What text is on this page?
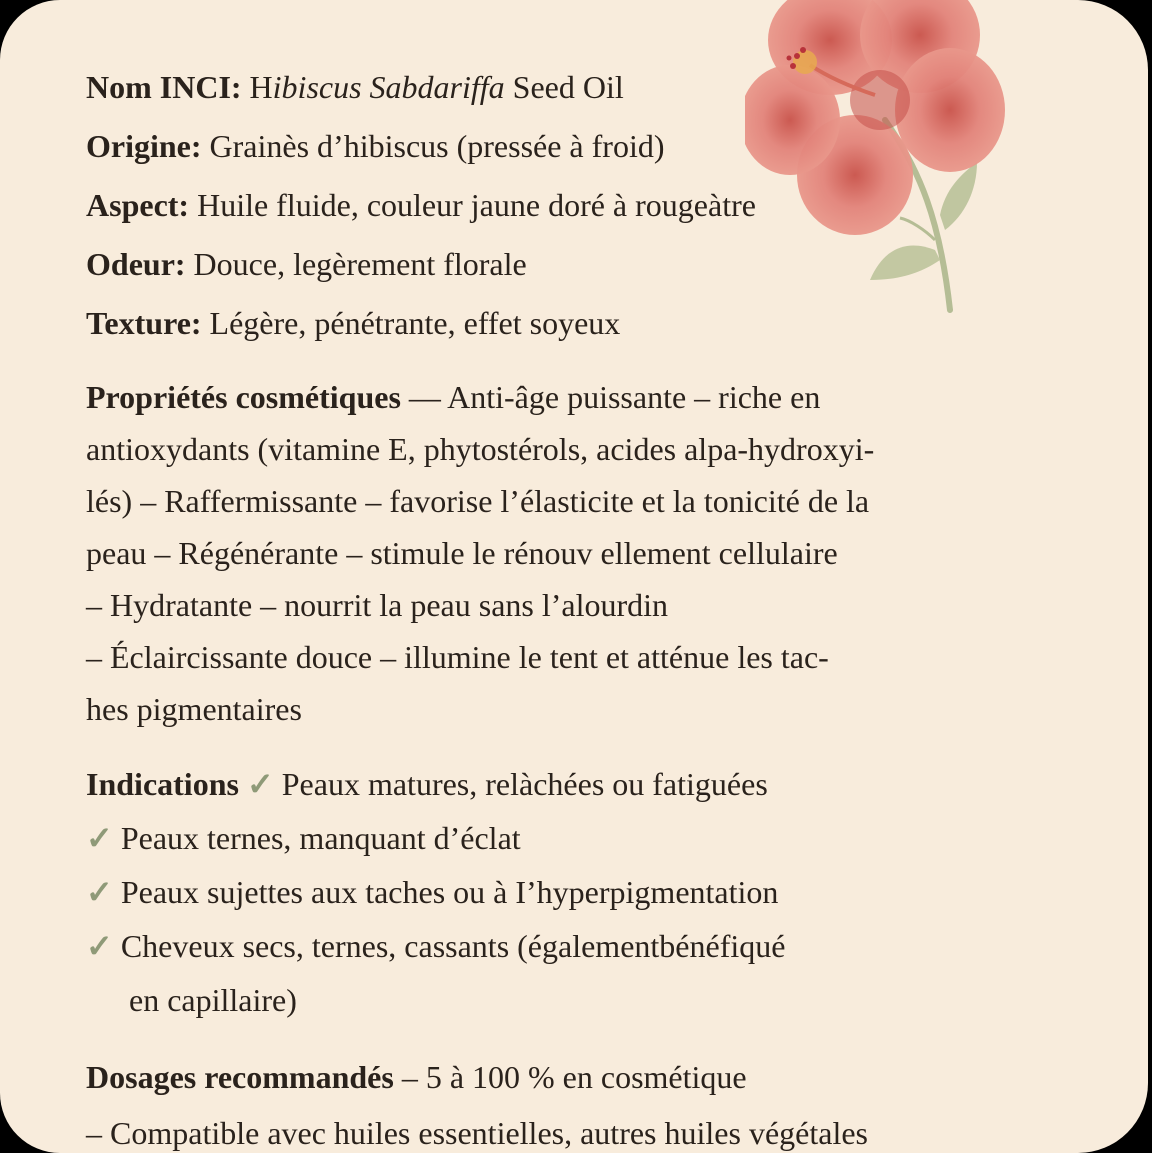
Nom INCI: Hibiscus Sabdariffa Seed Oil
Origine: Grainès d’hibiscus (pressée à froid)
Aspect: Huile fluide, couleur jaune doré à rougeàtre
Odeur: Douce, legèrement florale
Texture: Légère, pénétrante, effet soyeux
Propriétés cosmétiques — Anti-âge puissante – riche en
antioxydants (vitamine E, phytostérols, acides alpa-hydroxyi-
lés) – Raffermissante – favorise l’élasticite et la tonicité de la
peau – Régénérante – stimule le rénouv ellement cellulaire
– Hydratante – nourrit la peau sans l’alourdin
– Éclaircissante douce – illumine le tent et atténue les tac-
hes pigmentaires
Indications ✓ Peaux matures, relàchées ou fatiguées
✓ Peaux ternes, manquant d’éclat
✓ Peaux sujettes aux taches ou à I’hyperpigmentation
✓ Cheveux secs, ternes, cassants (égalementbénéfiqué
en capillaire)
Dosages recommandés – 5 à 100 % en cosmétique
– Compatible avec huiles essentielles, autres huiles végétales
